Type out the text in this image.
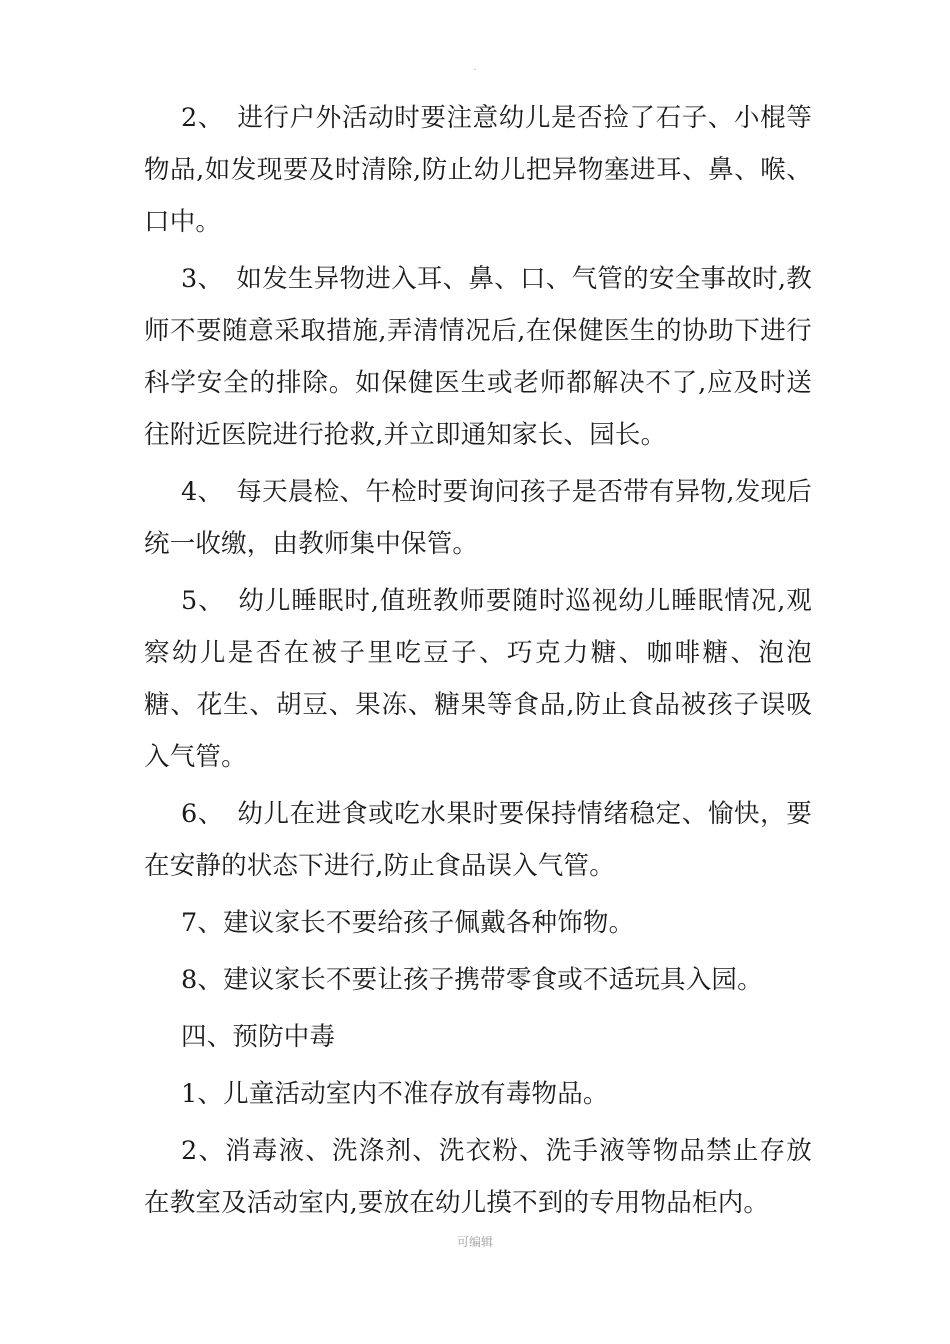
.

2、　进行户外活动时要注意幼儿是否捡了石子、小棍等物品,如发现要及时清除,防止幼儿把异物塞进耳、鼻、喉、口中。

3、　如发生异物进入耳、鼻、口、气管的安全事故时,教师不要随意采取措施,弄清情况后,在保健医生的协助下进行科学安全的排除。如保健医生或老师都解决不了,应及时送往附近医院进行抢救,并立即通知家长、园长。

4、　每天晨检、午检时要询问孩子是否带有异物,发现后统一收缴，由教师集中保管。

5、　幼儿睡眠时,值班教师要随时巡视幼儿睡眠情况,观察幼儿是否在被子里吃豆子、巧克力糖、咖啡糖、泡泡糖、花生、胡豆、果冻、糖果等食品,防止食品被孩子误吸入气管。

6、　幼儿在进食或吃水果时要保持情绪稳定、愉快，要在安静的状态下进行,防止食品误入气管。

7、建议家长不要给孩子佩戴各种饰物。

8、建议家长不要让孩子携带零食或不适玩具入园。

四、预防中毒

1、儿童活动室内不准存放有毒物品。

2、消毒液、洗涤剂、洗衣粉、洗手液等物品禁止存放在教室及活动室内,要放在幼儿摸不到的专用物品柜内。

可编辑
